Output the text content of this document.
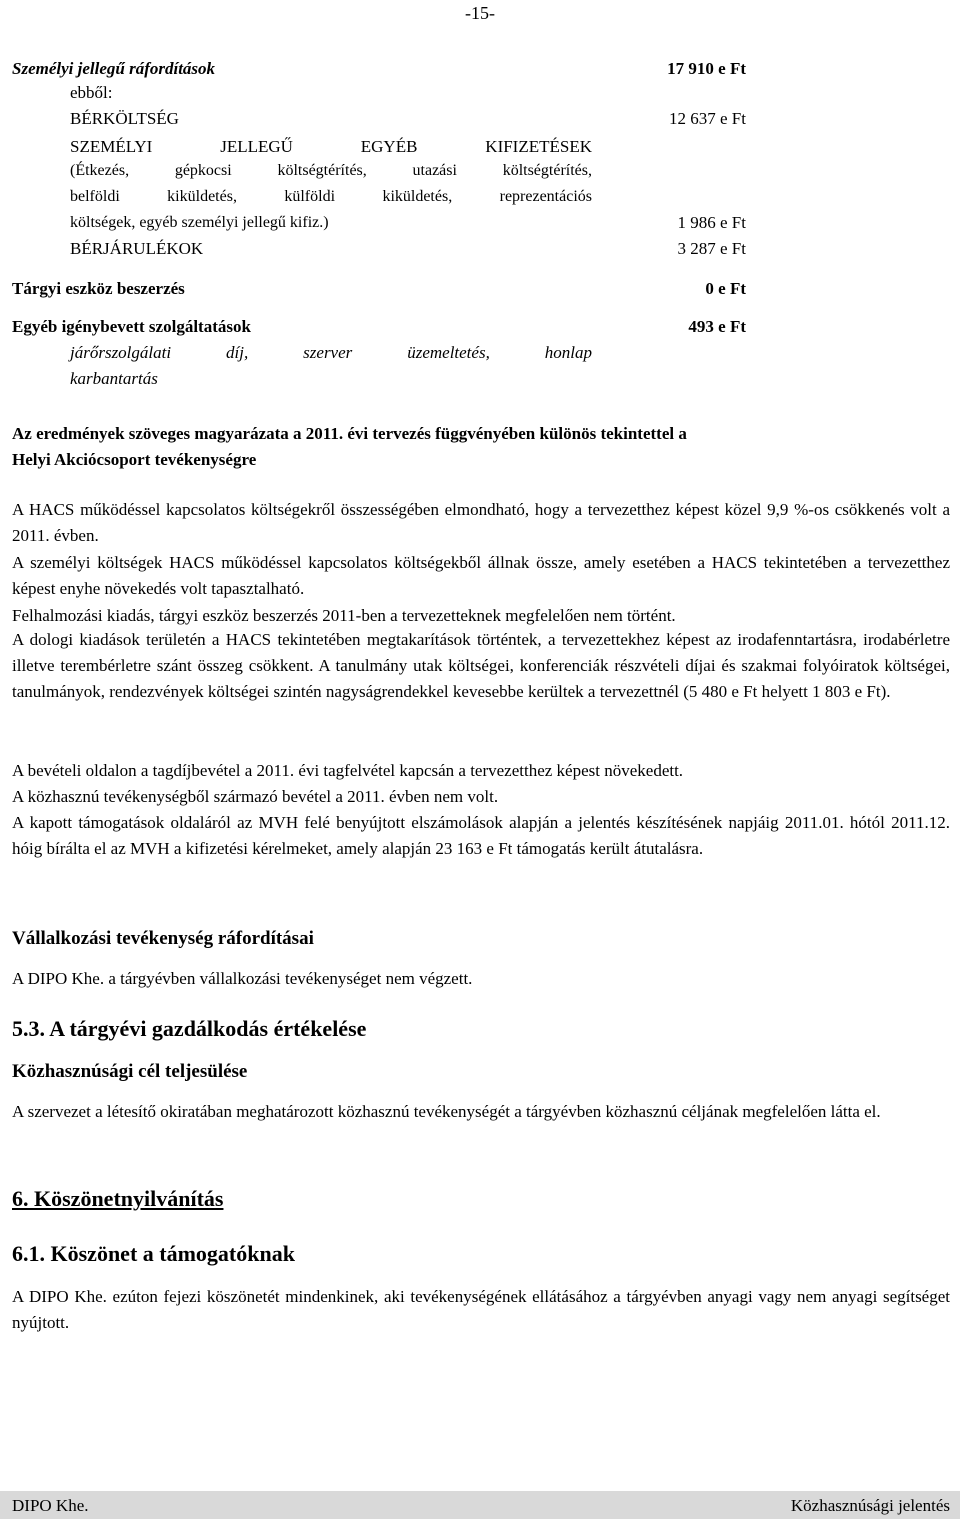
-15-
Személyi jellegű ráfordítások	17 910 e Ft
ebből:
BÉRKÖLTSÉG	12 637 e Ft
SZEMÉLYI JELLEGŰ EGYÉB KIFIZETÉSEK
(Étkezés, gépkocsi költségtérítés, utazási költségtérítés,
belföldi kiküldetés, külföldi kiküldetés, reprezentációs
költségek, egyéb személyi jellegű kifiz.)	1 986 e Ft
BÉRJÁRULÉKOK	3 287 e Ft
Tárgyi eszköz beszerzés	0 e Ft
Egyéb igénybevett szolgáltatások	493 e Ft
járőrszolgálati díj, szerver üzemeltetés, honlap
karbantartás
Az eredmények szöveges magyarázata a 2011. évi tervezés függvényében különös tekintettel a
Helyi Akciócsoport tevékenységre
A HACS működéssel kapcsolatos költségekről összességében elmondható, hogy a tervezetthez képest közel 9,9 %-os csökkenés volt a 2011. évben.
A személyi költségek HACS működéssel kapcsolatos költségekből állnak össze, amely esetében a HACS tekintetében a tervezetthez képest enyhe növekedés volt tapasztalható.
Felhalmozási kiadás, tárgyi eszköz beszerzés 2011-ben a tervezetteknek megfelelően nem történt.
A dologi kiadások területén a HACS tekintetében megtakarítások történtek, a tervezettekhez képest az irodafenntartásra, irodabérletre illetve terembérletre szánt összeg csökkent. A tanulmány utak költségei, konferenciák részvételi díjai és szakmai folyóiratok költségei, tanulmányok, rendezvények költségei szintén nagyságrendekkel kevesebbe kerültek a tervezettnél (5 480 e Ft helyett 1 803 e Ft).
A bevételi oldalon a tagdíjbevétel a 2011. évi tagfelvétel kapcsán a tervezetthez képest növekedett.
A közhasznú tevékenységből származó bevétel a 2011. évben nem volt.
A kapott támogatások oldaláról az MVH felé benyújtott elszámolások alapján a jelentés készítésének napjáig 2011.01. hótól 2011.12. hóig bírálta el az MVH a kifizetési kérelmeket, amely alapján 23 163 e Ft támogatás került átutalásra.
Vállalkozási tevékenység ráfordításai
A DIPO Khe. a tárgyévben vállalkozási tevékenységet nem végzett.
5.3. A tárgyévi gazdálkodás értékelése
Közhasznúsági cél teljesülése
A szervezet a létesítő okiratában meghatározott közhasznú tevékenységét a tárgyévben közhasznú céljának megfelelően látta el.
6. Köszönetnyilvánítás
6.1. Köszönet a támogatóknak
A DIPO Khe. ezúton fejezi köszönetét mindenkinek, aki tevékenységének ellátásához a tárgyévben anyagi vagy nem anyagi segítséget nyújtott.
DIPO Khe.	Közhasznúsági jelentés
